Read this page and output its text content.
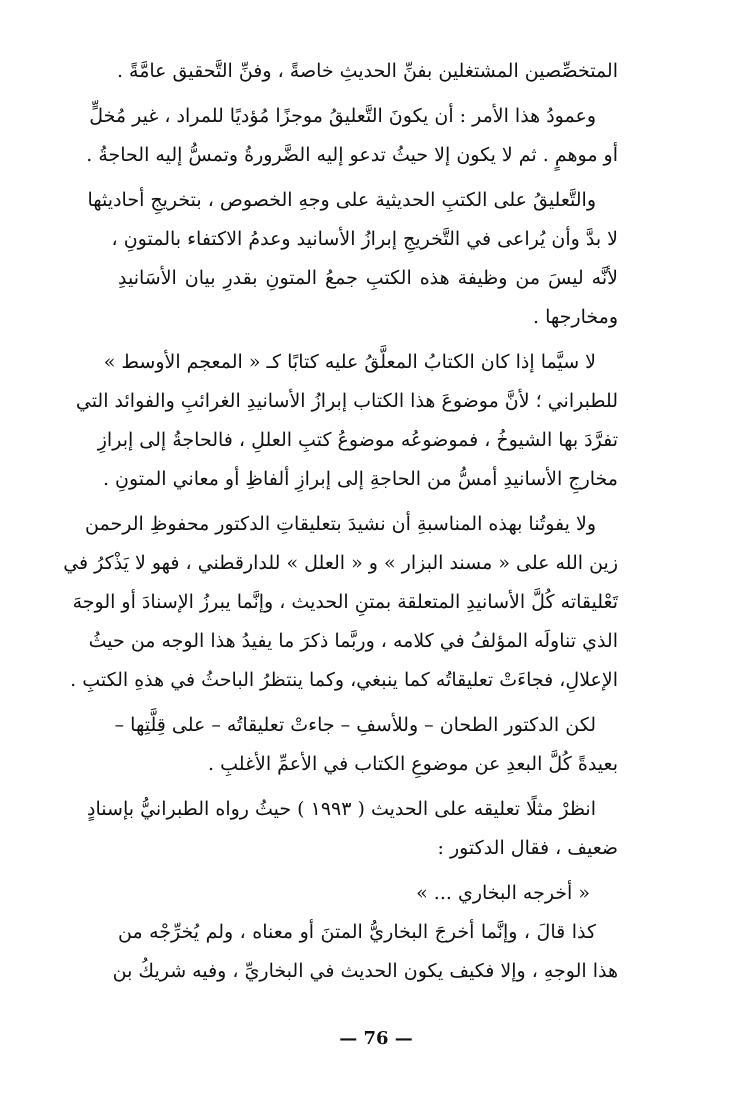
المتخصِّصين المشتغلين بفنِّ الحديثِ خاصةً ، وفنِّ التَّحقيق عامَّةً .

وعمودُ هذا الأمر : أن يكونَ التَّعليقُ موجزًا مُؤديًا للمراد ، غير مُخلٍّ
أو موهمٍ . ثم لا يكون إلا حيثُ تدعو إليه الضَّرورةُ وتمسُّ إليه الحاجةُ .

والتَّعليقُ على الكتبِ الحديثية على وجهِ الخصوص ، بتخريجِ أحاديثها
لا بدَّ وأن يُراعى في التَّخريجِ إبرازُ الأسانيد وعدمُ الاكتفاء بالمتونِ ،
لأنَّه ليسَ من وظيفة هذه الكتبِ جمعُ المتونِ بقدرِ بيان الأسَانيدِ
ومخارجها .

لا سيَّما إذا كان الكتابُ المعلَّقُ عليه كتابًا كـ « المعجم الأوسط »
للطبراني ؛ لأنَّ موضوعَ هذا الكتاب إبرازُ الأسانيدِ الغرائبِ والفوائد التي
تفرَّدَ بها الشيوخُ ، فموضوعُه موضوعُ كتبِ العللِ ، فالحاجةُ إلى إبرازِ
مخارجِ الأسانيدِ أمسُّ من الحاجةِ إلى إبرازِ ألفاظِ أو معاني المتونِ .

ولا يفوتُنا بهذه المناسبةِ أن نشيدَ بتعليقاتِ الدكتور محفوظِ الرحمن
زين الله على « مسند البزار » و « العلل » للدارقطني ، فهو لا يَذْكرُ في
تَعْليقاته كُلَّ الأسانيدِ المتعلقة بمتنِ الحديث ، وإنَّما يبرزُ الإسنادَ أو الوجهَ
الذي تناولَه المؤلفُ في كلامه ، وربَّما ذكرَ ما يفيدُ هذا الوجه من حيثُ
الإعلالِ، فجاءَتْ تعليقاتُه كما ينبغي، وكما ينتظرُ الباحثُ في هذهِ الكتبِ .

لكن الدكتور الطحان – وللأسفِ – جاءتْ تعليقاتُه – على قِلَّتِها –
بعيدةً كُلَّ البعدِ عن موضوعِ الكتاب في الأعمِّ الأغلبِ .

انظرْ مثلًا تعليقه على الحديث ( ١٩٩٣ ) حيثُ رواه الطبرانيُّ بإسنادٍ
ضعيف ، فقال الدكتور :

« أخرجه البخاري ... »

كذا قالَ ، وإنَّما أخرجَ البخاريُّ المتنَ أو معناه ، ولم يُخرِّجْه من
هذا الوجهِ ، وإلا فكيف يكون الحديث في البخاريِّ ، وفيه شريكُ بن

— 76 —
